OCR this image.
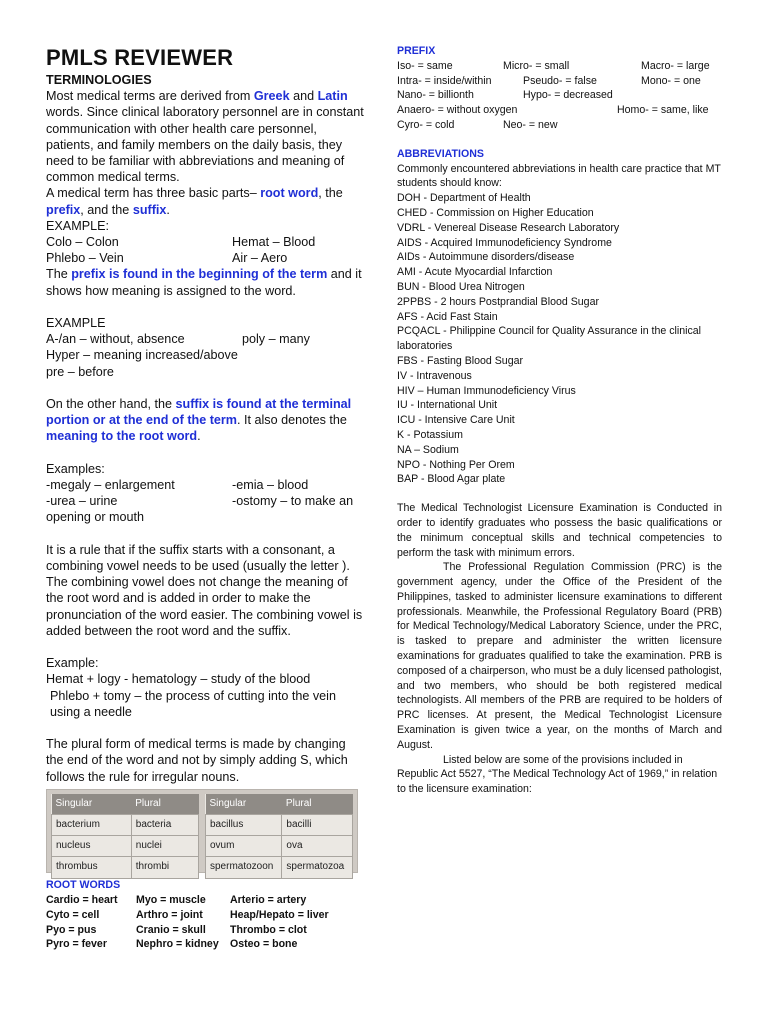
PMLS REVIEWER
TERMINOLOGIES

Most medical terms are derived from Greek and Latin words. Since clinical laboratory personnel are in constant communication with other health care personnel, patients, and family members on the daily basis, they need to be familiar with abbreviations and meaning of common medical terms.

A medical term has three basic parts– root word, the prefix, and the suffix.

EXAMPLE:

Colo – Colon	Hemat – Blood
Phlebo – Vein	Air – Aero

The prefix is found in the beginning of the term and it shows how meaning is assigned to the word.

EXAMPLE

A-/an – without, absence	poly – many

Hyper – meaning increased/above

pre – before

On the other hand, the suffix is found at the terminal portion or at the end of the term. It also denotes the meaning to the root word.

Examples:

-megaly – enlargement	-emia – blood
-urea – urine	-ostomy – to make an

opening or mouth

It is a rule that if the suffix starts with a consonant, a combining vowel needs to be used (usually the letter ). The combining vowel does not change the meaning of the root word and is added in order to make the pronunciation of the word easier. The combining vowel is added between the root word and the suffix.

Example:

Hemat + logy - hematology – study of the blood

Phlebo + tomy – the process of cutting into the vein using a needle

The plural form of medical terms is made by changing the end of the word and not by simply adding S, which follows the rule for irregular nouns.

Singular	Plural
bacterium	bacteria
nucleus	nuclei
thrombus	thrombi
Singular	Plural
bacillus	bacilli
ovum	ova
spermatozoon	spermatozoa
ROOT WORDS
Cardio = heart	Myo = muscle	Arterio = artery
Cyto = cell	Arthro = joint	Heap/Hepato = liver
Pyo = pus	Cranio = skull	Thrombo = clot
Pyro = fever	Nephro = kidney	Osteo = bone
PREFIX
Iso- = same	Micro- = small	Macro- = large
Intra- = inside/within	Pseudo- = false	Mono- = one
Nano- = billionth	Hypo- = decreased
Anaero- = without oxygen	Homo- = same, like
Cyro- = cold	Neo- = new
ABBREVIATIONS

Commonly encountered abbreviations in health care practice that MT students should know:

DOH - Department of Health
CHED - Commission on Higher Education
VDRL - Venereal Disease Research Laboratory
AIDS - Acquired Immunodeficiency Syndrome
AIDs - Autoimmune disorders/disease
AMI - Acute Myocardial Infarction
BUN - Blood Urea Nitrogen
2PPBS - 2 hours Postprandial Blood Sugar
AFS - Acid Fast Stain
PCQACL - Philippine Council for Quality Assurance in the clinical laboratories
FBS - Fasting Blood Sugar
IV - Intravenous
HIV – Human Immunodeficiency Virus
IU - International Unit
ICU - Intensive Care Unit
K - Potassium
NA – Sodium
NPO - Nothing Per Orem
BAP - Blood Agar plate

The Medical Technologist Licensure Examination is Conducted in order to identify graduates who possess the basic qualifications or the minimum conceptual skills and technical competencies to perform the task with minimum errors.

The Professional Regulation Commission (PRC) is the government agency, under the Office of the President of the Philippines, tasked to administer licensure examinations to different professionals. Meanwhile, the Professional Regulatory Board (PRB) for Medical Technology/Medical Laboratory Science, under the PRC, is tasked to prepare and administer the written licensure examinations for graduates qualified to take the examination. PRB is composed of a chairperson, who must be a duly licensed pathologist, and two members, who should be both registered medical technologists. All members of the PRB are required to be holders of PRC licenses. At present, the Medical Technologist Licensure Examination is given twice a year, on the months of March and August.

Listed below are some of the provisions included in Republic Act 5527, “The Medical Technology Act of 1969,” in relation to the licensure examination:
